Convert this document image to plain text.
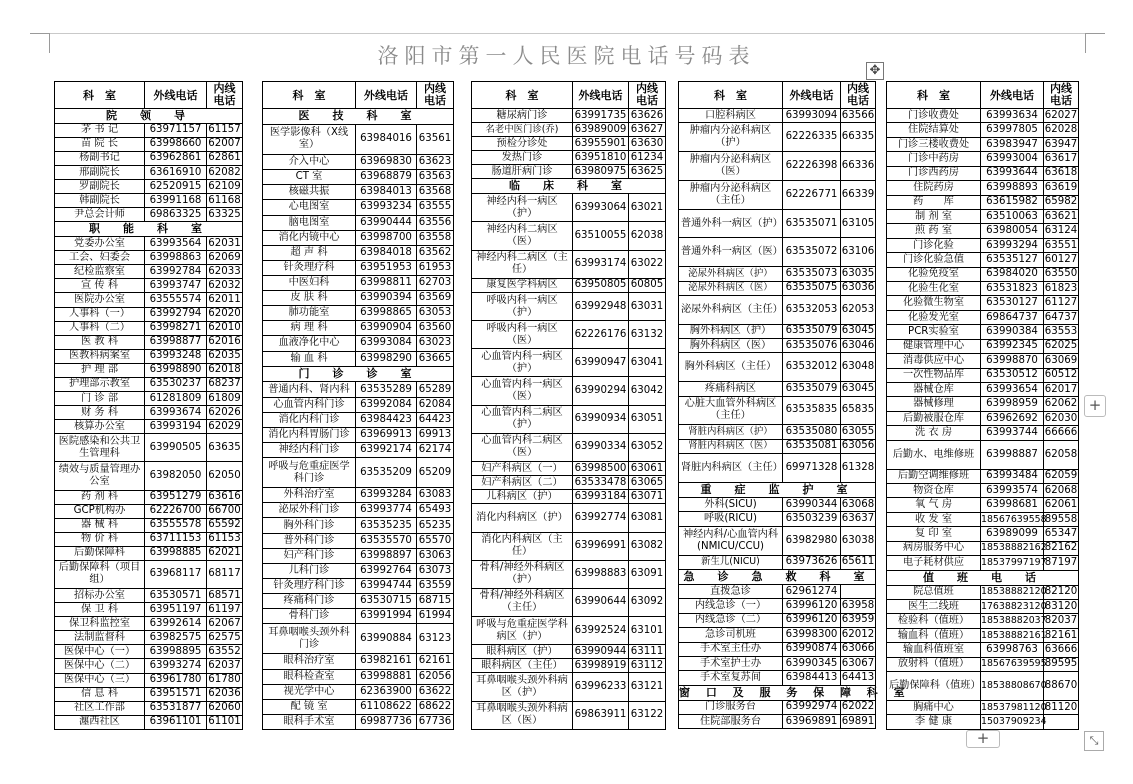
洛阳市第一人民医院电话号码表
✥
科　室	外线电话	内线电话
院　领　导		
茅 书 记	63971157	61157
苗 院 长	63998660	62007
杨副书记	63962861	62861
邢副院长	63616910	62082
罗副院长	62520915	62109
韩副院长	63991168	61168
尹总会计师	69863325	63325
职　能　科　室		
党委办公室	63993564	62031
工会、妇委会	63998863	62069
纪检监察室	63992784	62033
宣 传 科	63993747	62032
医院办公室	63555574	62011
人事科（一）	63992794	62020
人事科（二）	63998271	62010
医 教 科	63998877	62016
医教科病案室	63993248	62035
护 理 部	63998890	62018
护理部示教室	63530237	68237
门 诊 部	61281809	61809
财 务 科	63993674	62026
核算办公室	63993194	62029
医院感染和公共卫生管理科	63990505	63635
绩效与质量管理办公室	63982050	62050
药 剂 科	63951279	63616
GCP机构办	62226700	66700
器 械 科	63555578	65592
物 价 科	63711153	61153
后勤保障科	63998885	62021
后勤保障科（项目组）	63968117	68117
招标办公室	63530571	68571
保 卫 科	63951197	61197
保卫科监控室	63992614	62067
法制监督科	63982575	62575
医保中心（一）	63998895	63552
医保中心（二）	63993274	62037
医保中心（三）	63961780	61780
信 息 科	63951571	62036
社区工作部	63531877	62060
瀍西社区	63961101	61101
科　室	外线电话	内线电话
医　技　科　室		
医学影像科（X线室）	63984016	63561
介入中心	63969830	63623
CT 室	63968879	63563
核磁共振	63984013	63568
心电图室	63993234	63555
脑电图室	63990444	63556
消化内镜中心	63998700	63558
超 声 科	63984018	63562
针灸理疗科	63951953	61953
中医妇科	63998811	62703
皮 肤 科	63990394	63569
肺功能室	63998865	63053
病 理 科	63990904	63560
血液净化中心	63993084	63023
输 血 科	63998290	63665
门　诊　诊　室		
普通内科、肾内科	63535289	65289
心血管内科门诊	63992084	62084
消化内科门诊	63984423	64423
消化内科胃肠门诊	63969913	69913
神经内科门诊	63992174	62174
呼吸与危重症医学科门诊	63535209	65209
外科治疗室	63993284	63083
泌尿外科门诊	63993774	65493
胸外科门诊	63535235	65235
普外科门诊	63535570	65570
妇产科门诊	63998897	63063
儿科门诊	63992764	63073
针灸理疗科门诊	63994744	63559
疼痛科门诊	63530715	68715
骨科门诊	63991994	61994
耳鼻咽喉头颈外科门诊	63990884	63123
眼科治疗室	63982161	62161
眼科检查室	63998881	62056
视光学中心	62363900	63622
配 镜 室	61108622	68622
眼科手术室	69987736	67736
科　室	外线电话	内线电话
糖尿病门诊	63991735	63626
名老中医门诊(乔)	63989009	63627
预检分诊处	63955901	63630
发热门诊	63951810	61234
肠道肝病门诊	63980975	63625
临　床　科　室		
神经内科一病区（护）	63993064	63021
神经内科二病区（医）	63510055	62038
神经内科二病区（主任）	63993174	63022
康复医学科病区	63950805	60805
呼吸内科一病区（护）	63992948	63031
呼吸内科一病区（医）	62226176	63132
心血管内科一病区（护）	63990947	63041
心血管内科一病区（医）	63990294	63042
心血管内科二病区（护）	63990934	63051
心血管内科二病区（医）	63990334	63052
妇产科病区（一）	63998500	63061
妇产科病区（二）	63533478	63065
儿科病区（护）	63993184	63071
消化内科病区（护）	63992774	63081
消化内科病区（主任）	63996991	63082
骨科/神经外科病区（护）	63998883	63091
骨科/神经外科病区（主任）	63990644	63092
呼吸与危重症医学科病区（护）	63992524	63101
眼科病区（护）	63990944	63111
眼科病区（主任）	63998919	63112
耳鼻咽喉头颈外科病区（护）	63996233	63121
耳鼻咽喉头颈外科病区（医）	69863911	63122
科　室	外线电话	内线电话
口腔科病区	63993094	63566
肿瘤内分泌科病区（护）	62226335	66335
肿瘤内分泌科病区（医）	62226398	66336
肿瘤内分泌科病区（主任）	62226771	66339
普通外科一病区（护）	63535071	63105
普通外科一病区（医）	63535072	63106
泌尿外科病区（护）	63535073	63035
泌尿外科病区（医）	63535075	63036
泌尿外科病区（主任）	63532053	62053
胸外科病区（护）	63535079	63045
胸外科病区（医）	63535076	63046
胸外科病区（主任）	63532012	63048
疼痛科病区	63535079	63045
心脏大血管外科病区（主任）	63535835	65835
肾脏内科病区（护）	63535080	63055
肾脏内科病区（医）	63535081	63056
肾脏内科病区（主任）	69971328	61328
重　症　监　护　室		
外科(SICU)	63990344	63068
呼吸(RICU)	63503239	63637
神经内科/心血管内科(NMICU/CCU)	63982980	63038
新生儿(NICU)	63973626	65611
急　诊　急　救　科　室		
直拨急诊	62961274	
内线急诊（一）	63996120	63958
内线急诊（二）	63996120	63959
急诊司机班	63998300	62012
手术室主任办	63990874	63066
手术室护士办	63990345	63067
手术室复苏间	63984413	64413
窗 口 及 服 务 保 障 科 室		
门诊服务台	63992974	62022
住院部服务台	63969891	69891
科　室	外线电话	内线电话
门诊收费处	63993634	62027
住院结算处	63997805	62028
门诊三楼收费处	63983947	63947
门诊中药房	63993004	63617
门诊西药房	63993644	63618
住院药房	63998893	63619
药　　库	63615982	65982
制 剂 室	63510063	63621
煎 药 室	63980054	63124
门诊化验	63993294	63551
门诊化验急值	63535127	60127
化验免疫室	63984020	63550
化验生化室	63531823	61823
化验微生物室	63530127	61127
化验发光室	69864737	64737
PCR实验室	63990384	63553
健康管理中心	63992345	62025
消毒供应中心	63998870	63069
一次性物品库	63530512	60512
器械仓库	63993654	62017
器械修理	63998959	62062
后勤被服仓库	63962692	62030
洗 衣 房	63993744	66666
后勤水、电维修班	63998887	62058
后勤空调维修班	63993484	62059
物资仓库	63993574	62068
氧 气 房	63998681	62061
收 发 室	18567639558	89558
复 印 室	63989099	65347
病房服务中心	18538882162	82162
电子耗材供应	18537997197	87197
值　班　电　话		
院总值班	18538882120	82120
医生二线班	17638823120	83120
检验科（值班）	18538882037	82037
输血科（值班）	18538882161	82161
输血科值班室	63998763	63666
放射科（值班）	18567639595	89595
后勤保障科（值班）	18538808670	88670
胸痛中心	18537981120	81120
李 健 康	15037909234	
+
+	⤡
